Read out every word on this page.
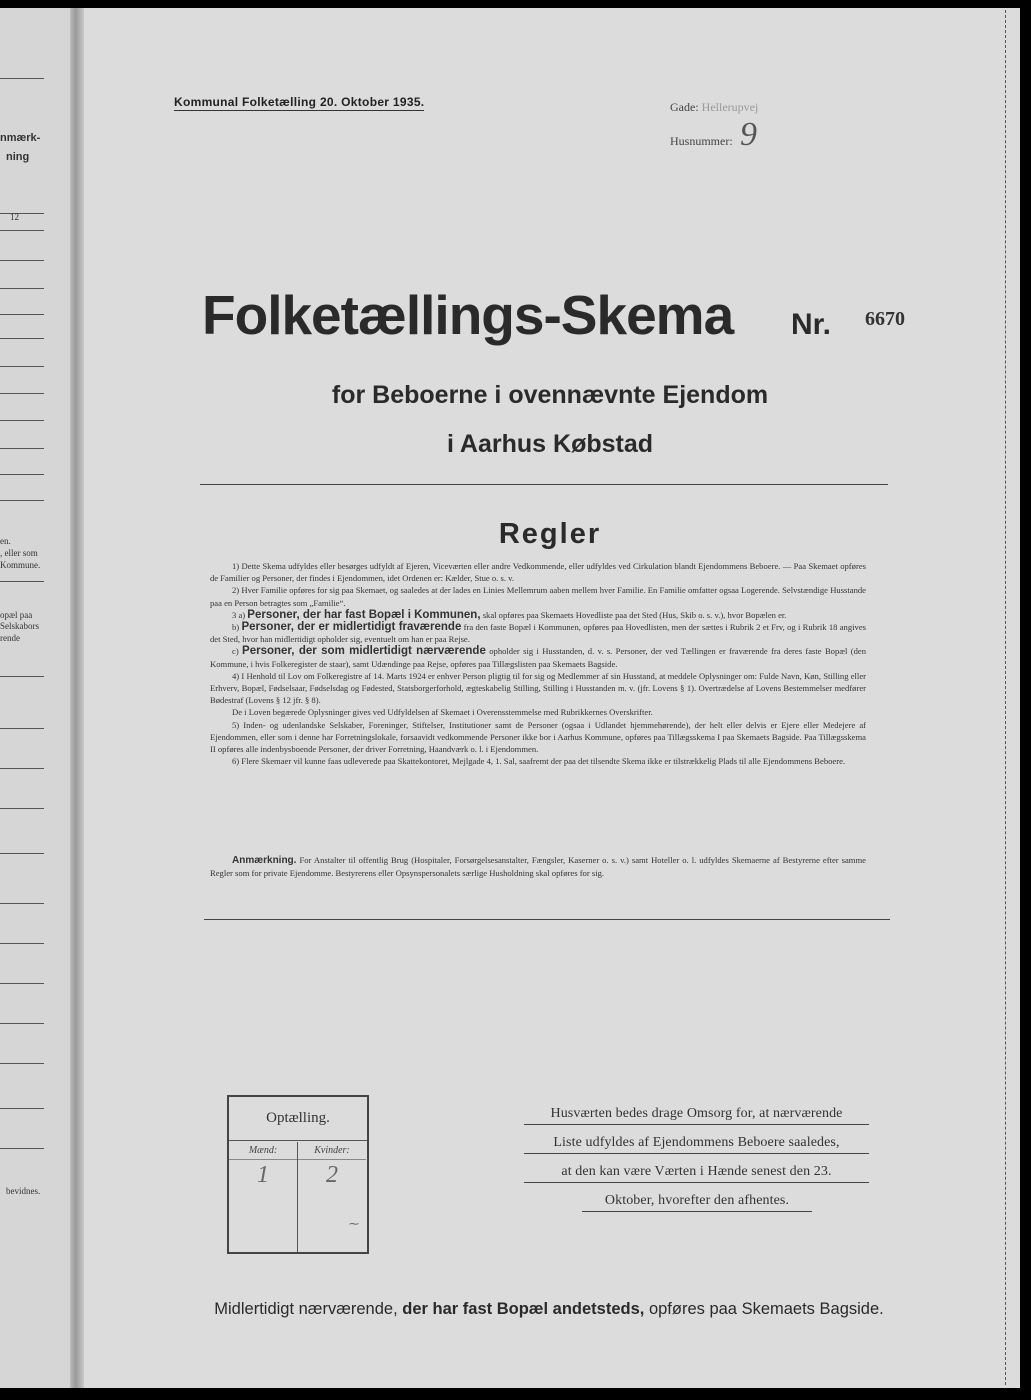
nmærk-
ning
12
en.
, eller som
Kommune.
opæl paa
Selskabors
rende
bevidnes.
Kommunal Folketælling 20. Oktober 1935.	Gade: Hellerupvej
Husnummer: 9
Folketællings-Skema Nr. 6670
for Beboerne i ovennævnte Ejendom
i Aarhus Købstad
Regler

1) Dette Skema udfyldes eller besørges udfyldt af Ejeren, Viceværten eller andre Vedkommende, eller udfyldes ved Cirkulation blandt Ejendommens Beboere. — Paa Skemaet opføres de Familier og Personer, der findes i Ejendommen, idet Ordenen er: Kælder, Stue o. s. v.

2) Hver Familie opføres for sig paa Skemaet, og saaledes at der lades en Linies Mellemrum aaben mellem hver Familie. En Familie omfatter ogsaa Logerende. Selvstændige Husstande paa en Person betragtes som „Familie“.

3 a) Personer, der har fast Bopæl i Kommunen, skal opføres paa Skemaets Hovedliste paa det Sted (Hus, Skib o. s. v.), hvor Bopælen er.

b) Personer, der er midlertidigt fraværende fra den faste Bopæl i Kommunen, opføres paa Hovedlisten, men der sættes i Rubrik 2 et Frv, og i Rubrik 18 angives det Sted, hvor han midlertidigt opholder sig, eventuelt om han er paa Rejse.

c) Personer, der som midlertidigt nærværende opholder sig i Husstanden, d. v. s. Personer, der ved Tællingen er fraværende fra deres faste Bopæl (den Kommune, i hvis Folkeregister de staar), samt Udændinge paa Rejse, opføres paa Tillægslisten paa Skemaets Bagside.

4) I Henhold til Lov om Folkeregistre af 14. Marts 1924 er enhver Person pligtig til for sig og Medlemmer af sin Husstand, at meddele Oplysninger om: Fulde Navn, Køn, Stilling eller Erhverv, Bopæl, Fødselsaar, Fødselsdag og Fødested, Statsborgerforhold, ægteskabelig Stilling, Stilling i Husstanden m. v. (jfr. Lovens § 1). Overtrædelse af Lovens Bestemmelser medfører Bødestraf (Lovens § 12 jfr. § 8).

De i Loven begærede Oplysninger gives ved Udfyldelsen af Skemaet i Overensstemmelse med Rubrikkernes Overskrifter.

5) Inden- og udenlandske Selskaber, Foreninger, Stiftelser, Institutioner samt de Personer (ogsaa i Udlandet hjemmehørende), der helt eller delvis er Ejere eller Medejere af Ejendommen, eller som i denne har Forretningslokale, forsaavidt vedkommende Personer ikke bor i Aarhus Kommune, opføres paa Tillægsskema I paa Skemaets Bagside. Paa Tillægsskema II opføres alle indenbysboende Personer, der driver Forretning, Haandværk o. l. i Ejendommen.

6) Flere Skemaer vil kunne faas udleverede paa Skattekontoret, Mejlgade 4, 1. Sal, saafremt der paa det tilsendte Skema ikke er tilstrækkelig Plads til alle Ejendommens Beboere.

Anmærkning. For Anstalter til offentlig Brug (Hospitaler, Forsørgelsesanstalter, Fængsler, Kaserner o. s. v.) samt Hoteller o. l. udfyldes Skemaerne af Bestyrerne efter samme Regler som for private Ejendomme. Bestyrerens eller Opsynspersonalets særlige Husholdning skal opføres for sig.
Optælling.
Mænd:
1
Kvinder:
2
⁓
Husværten bedes drage Omsorg for, at nærværende
Liste udfyldes af Ejendommens Beboere saaledes,
at den kan være Værten i Hænde senest den 23.
Oktober, hvorefter den afhentes.
Midlertidigt nærværende, der har fast Bopæl andetsteds, opføres paa Skemaets Bagside.
